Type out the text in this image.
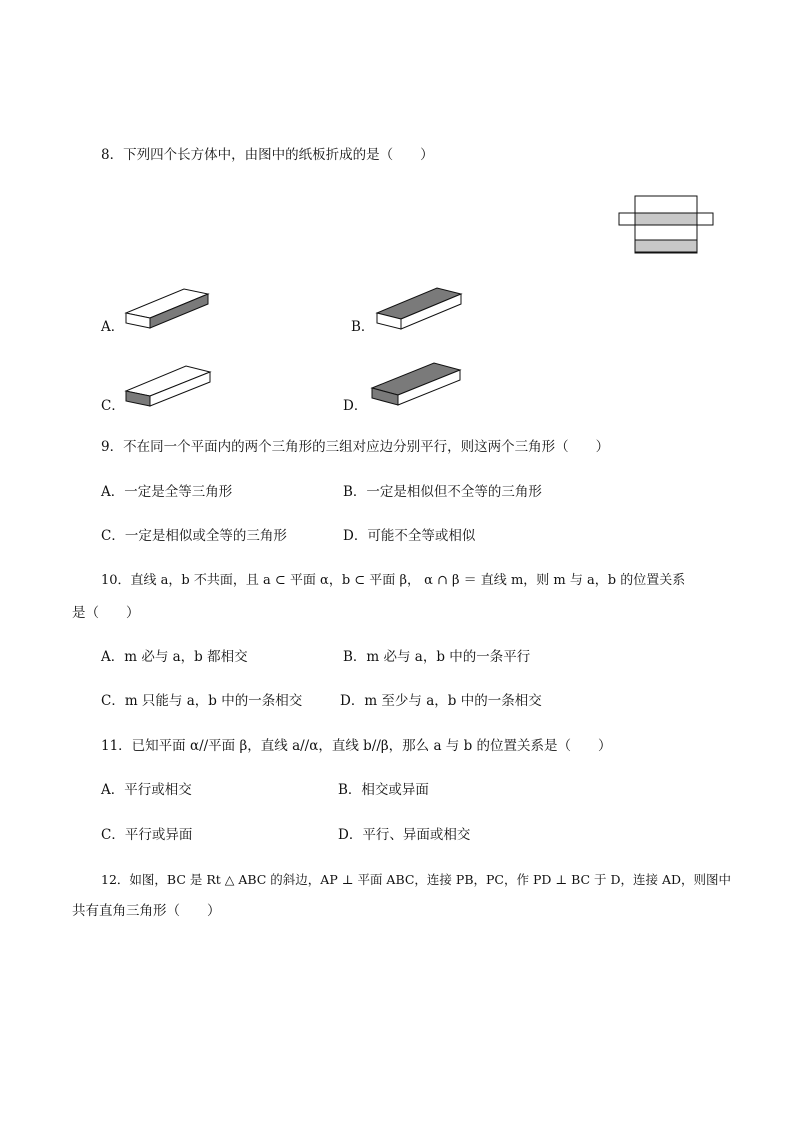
8．下列四个长方体中，由图中的纸板折成的是（　　）
A．	B．
C．	D．
9．不在同一个平面内的两个三角形的三组对应边分别平行，则这两个三角形（　　）
A．一定是全等三角形	B．一定是相似但不全等的三角形
C．一定是相似或全等的三角形	D．可能不全等或相似
10．直线 a，b 不共面，且 a ⊂ 平面 α，b ⊂ 平面 β， α ∩ β ＝ 直线 m，则 m 与 a，b 的位置关系
是（　　）
A．m 必与 a，b 都相交	B．m 必与 a，b 中的一条平行
C．m 只能与 a，b 中的一条相交	D．m 至少与 a，b 中的一条相交
11．已知平面 α//平面 β，直线 a//α，直线 b//β，那么 a 与 b 的位置关系是（　　）
A．平行或相交	B．相交或异面
C．平行或异面	D．平行、异面或相交
12．如图，BC 是 Rt △ ABC 的斜边，AP ⊥ 平面 ABC，连接 PB，PC，作 PD ⊥ BC 于 D，连接 AD，则图中
共有直角三角形（　　）
